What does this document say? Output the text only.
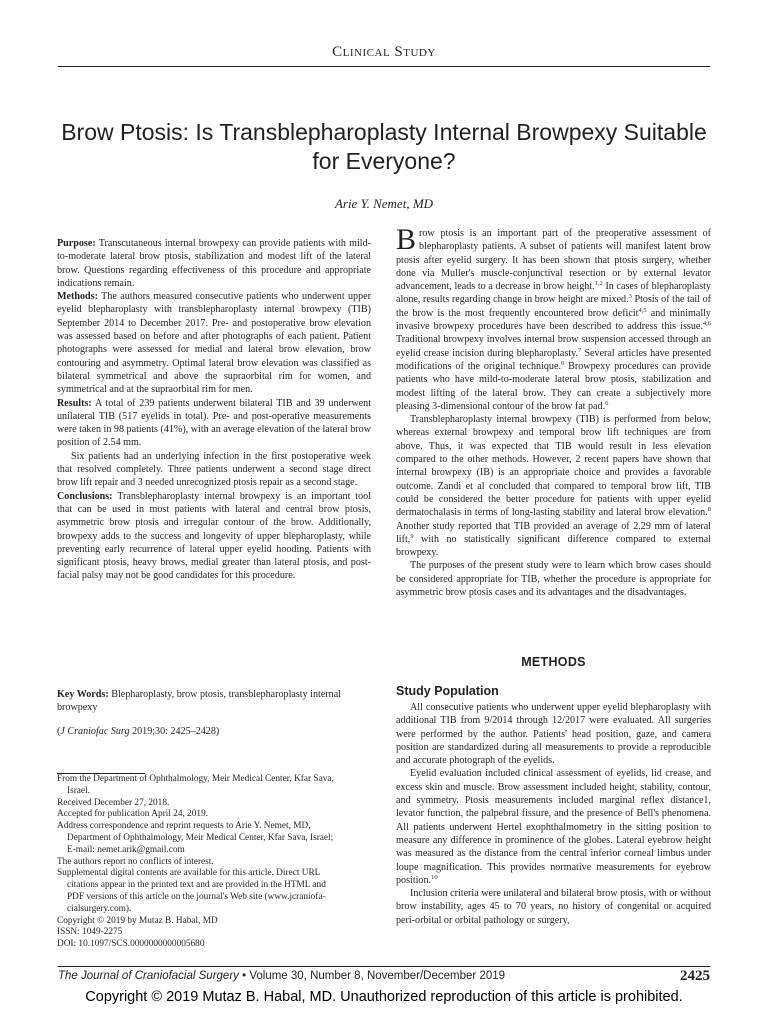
Clinical Study
Brow Ptosis: Is Transblepharoplasty Internal Browpexy Suitable for Everyone?
Arie Y. Nemet, MD

Purpose: Transcutaneous internal browpexy can provide patients with mild-to-moderate lateral brow ptosis, stabilization and modest lift of the lateral brow. Questions regarding effectiveness of this procedure and appropriate indications remain.

Methods: The authors measured consecutive patients who underwent upper eyelid blepharoplasty with transblepharoplasty internal browpexy (TIB) September 2014 to December 2017. Pre- and postoperative brow elevation was assessed based on before and after photographs of each patient. Patient photographs were assessed for medial and lateral brow elevation, brow contouring and asymmetry. Optimal lateral brow elevation was classified as bilateral symmetrical and above the supraorbital rim for women, and symmetrical and at the supraorbital rim for men.

Results: A total of 239 patients underwent bilateral TIB and 39 underwent unilateral TIB (517 eyelids in total). Pre- and post-operative measurements were taken in 98 patients (41%), with an average elevation of the lateral brow position of 2.54 mm.

Six patients had an underlying infection in the first postoperative week that resolved completely. Three patients underwent a second stage direct brow lift repair and 3 needed unrecognized ptosis repair as a second stage.

Conclusions: Transblepharoplasty internal browpexy is an important tool that can be used in most patients with lateral and central brow ptosis, asymmetric brow ptosis and irregular contour of the brow. Additionally, browpexy adds to the success and longevity of upper blepharoplasty, while preventing early recurrence of lateral upper eyelid hooding. Patients with significant ptosis, heavy brows, medial greater than lateral ptosis, and post-facial palsy may not be good candidates for this procedure.

Key Words: Blepharoplasty, brow ptosis, transblepharoplasty internal browpexy
(J Craniofac Surg 2019;30: 2425–2428)
From the Department of Ophthalmology, Meir Medical Center, Kfar Sava,
Israel.
Received December 27, 2018.
Accepted for publication April 24, 2019.
Address correspondence and reprint requests to Arie Y. Nemet, MD,
Department of Ophthalmology, Meir Medical Center, Kfar Sava, Israel;
E-mail: nemet.arik@gmail.com
The authors report no conflicts of interest.
Supplemental digital contents are available for this article. Direct URL
citations appear in the printed text and are provided in the HTML and
PDF versions of this article on the journal's Web site (www.jcraniofa-
cialsurgery.com).
Copyright © 2019 by Mutaz B. Habal, MD
ISSN: 1049-2275
DOI: 10.1097/SCS.0000000000005680

Brow ptosis is an important part of the preoperative assessment of blepharoplasty patients. A subset of patients will manifest latent brow ptosis after eyelid surgery. It has been shown that ptosis surgery, whether done via Muller's muscle-conjunctival resection or by external levator advancement, leads to a decrease in brow height.$^{1,2}$ In cases of blepharoplasty alone, results regarding change in brow height are mixed.$^3$ Ptosis of the tail of the brow is the most frequently encountered brow deficit$^{4,5}$ and minimally invasive browpexy procedures have been described to address this issue.$^{4,6}$ Traditional browpexy involves internal brow suspension accessed through an eyelid crease incision during blepharoplasty.$^7$ Several articles have presented modifications of the original technique.$^6$ Browpexy procedures can provide patients who have mild-to-moderate lateral brow ptosis, stabilization and modest lifting of the lateral brow. They can create a subjectively more pleasing 3-dimensional contour of the brow fat pad.$^6$

Transblepharoplasty internal browpexy (TIB) is performed from below, whereas external browpexy and temporal brow lift techniques are from above. Thus, it was expected that TIB would result in less elevation compared to the other methods. However, 2 recent papers have shown that internal browpexy (IB) is an appropriate choice and provides a favorable outcome. Zandi et al concluded that compared to temporal brow lift, TIB could be considered the better procedure for patients with upper eyelid dermatochalasis in terms of long-lasting stability and lateral brow elevation.$^8$ Another study reported that TIB provided an average of 2.29 mm of lateral lift,$^9$ with no statistically significant difference compared to external browpexy.

The purposes of the present study were to learn which brow cases should be considered appropriate for TIB, whether the procedure is appropriate for asymmetric brow ptosis cases and its advantages and the disadvantages.

METHODS
Study Population

All consecutive patients who underwent upper eyelid blepharoplasty with additional TIB from 9/2014 through 12/2017 were evaluated. All surgeries were performed by the author. Patients' head position, gaze, and camera position are standardized during all measurements to provide a reproducible and accurate photograph of the eyelids.

Eyelid evaluation included clinical assessment of eyelids, lid crease, and excess skin and muscle. Brow assessment included height, stability, contour, and symmetry. Ptosis measurements included marginal reflex distance1, levator function, the palpebral fissure, and the presence of Bell's phenomena. All patients underwent Hertel exophthalmometry in the sitting position to measure any difference in prominence of the globes. Lateral eyebrow height was measured as the distance from the central inferior corneal limbus under loupe magnification. This provides normative measurements for eyebrow position.$^{10}$

Inclusion criteria were unilateral and bilateral brow ptosis, with or without brow instability, ages 45 to 70 years, no history of congenital or acquired peri-orbital or orbital pathology or surgery,

The Journal of Craniofacial Surgery • Volume 30, Number 8, November/December 2019	2425
Copyright © 2019 Mutaz B. Habal, MD. Unauthorized reproduction of this article is prohibited.
